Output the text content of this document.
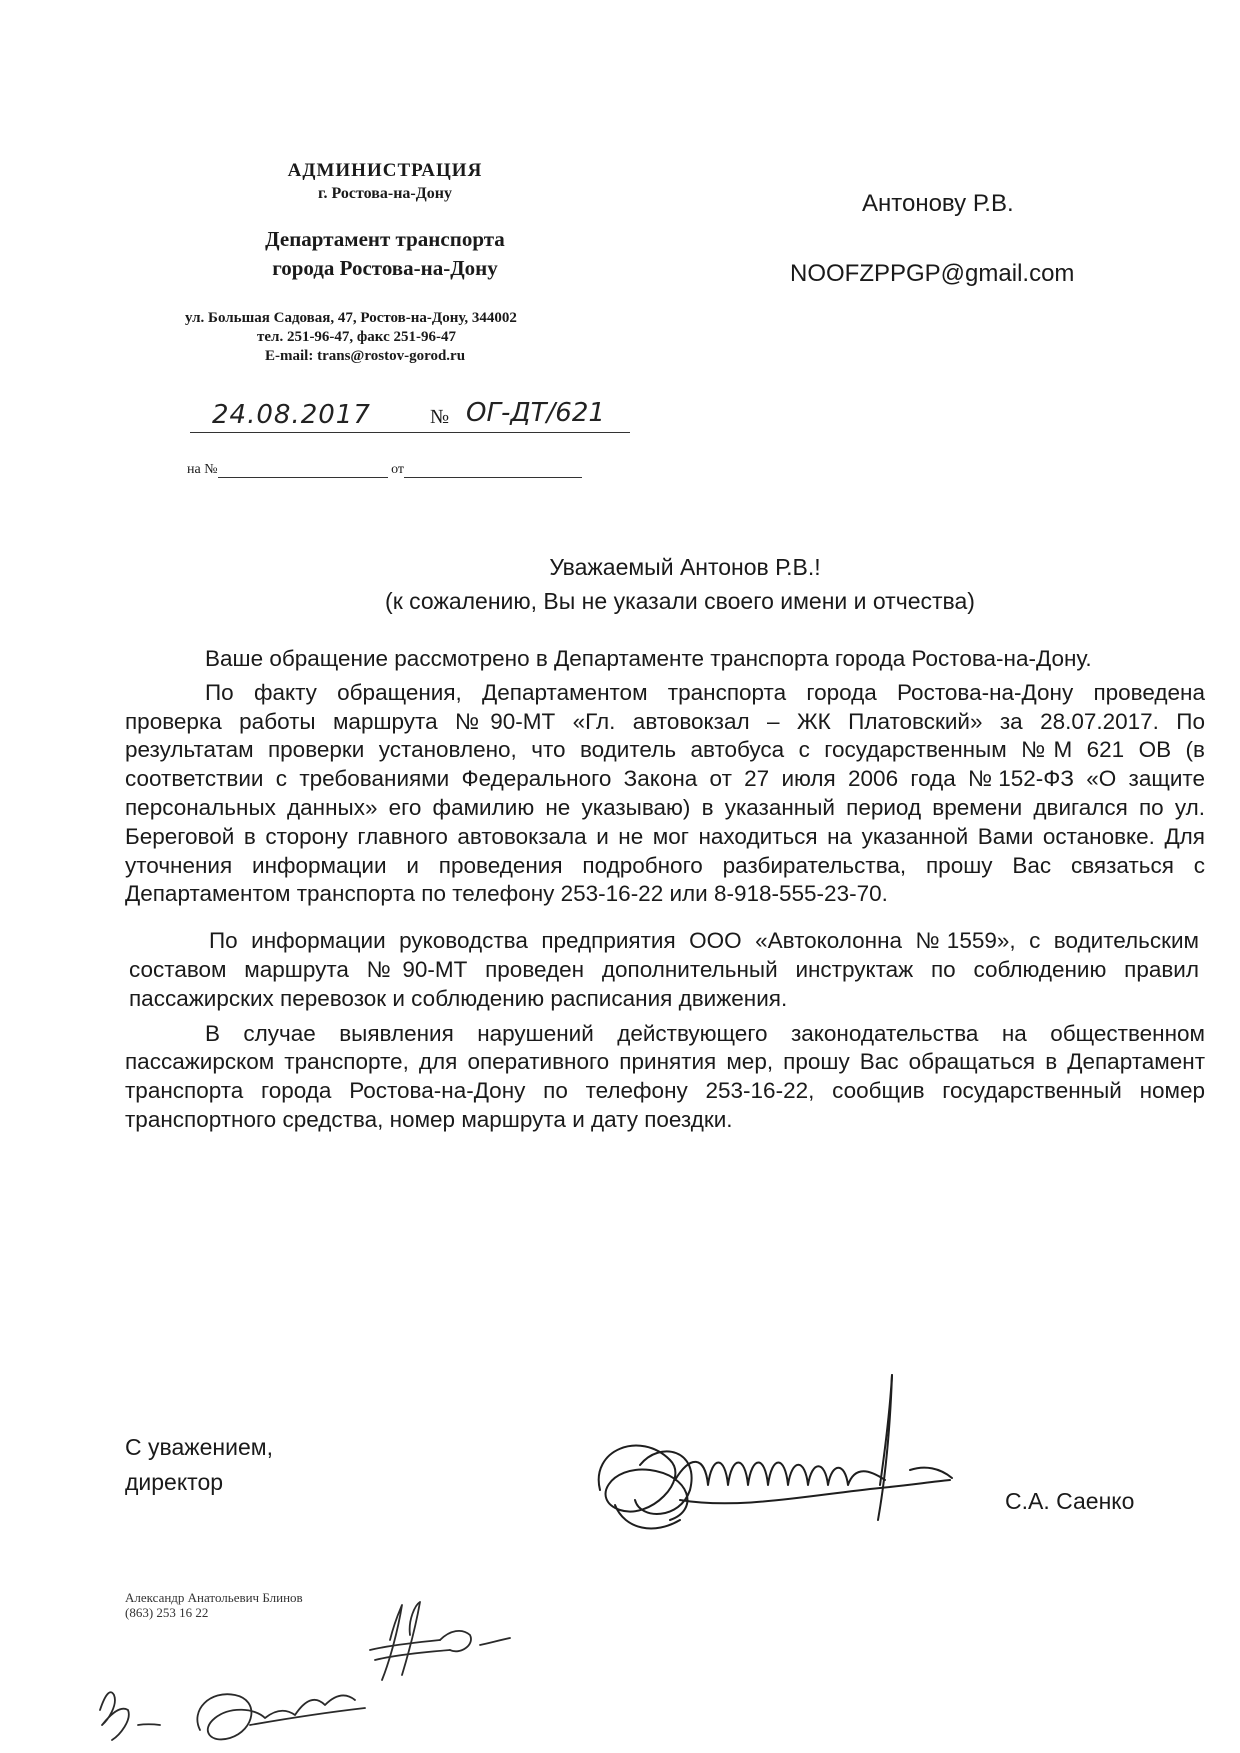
АДМИНИСТРАЦИЯ
г. Ростова-на-Дону
Департамент транспорта
города Ростова-на-Дону
ул. Большая Садовая, 47, Ростов-на-Дону, 344002
тел. 251-96-47, факс 251-96-47
E-mail: trans@rostov-gorod.ru
24.08.2017	№ ОГ-ДТ/621
на №	от
Антонову Р.В.
NOOFZPPGP@gmail.com
Уважаемый Антонов Р.В.!
(к сожалению, Вы не указали своего имени и отчества)

Ваше обращение рассмотрено в Департаменте транспорта города Ростова-на-Дону.

По факту обращения, Департаментом транспорта города Ростова-на-Дону проведена проверка работы маршрута №90-МТ «Гл. автовокзал – ЖК Платовский» за 28.07.2017. По результатам проверки установлено, что водитель автобуса с государственным №М 621 ОВ (в соответствии с требованиями Федерального Закона от 27 июля 2006 года №152-ФЗ «О защите персональных данных» его фамилию не указываю) в указанный период времени двигался по ул. Береговой в сторону главного автовокзала и не мог находиться на указанной Вами остановке. Для уточнения информации и проведения подробного разбирательства, прошу Вас связаться с Департаментом транспорта по телефону 253-16-22 или 8-918-555-23-70.

По информации руководства предприятия ООО «Автоколонна №1559», с водительским составом маршрута №90-МТ проведен дополнительный инструктаж по соблюдению правил пассажирских перевозок и соблюдению расписания движения.

В случае выявления нарушений действующего законодательства на общественном пассажирском транспорте, для оперативного принятия мер, прошу Вас обращаться в Департамент транспорта города Ростова-на-Дону по телефону 253-16-22, сообщив государственный номер транспортного средства, номер маршрута и дату поездки.

С уважением,
директор
С.А. Саенко
Александр Анатольевич Блинов
(863) 253 16 22
